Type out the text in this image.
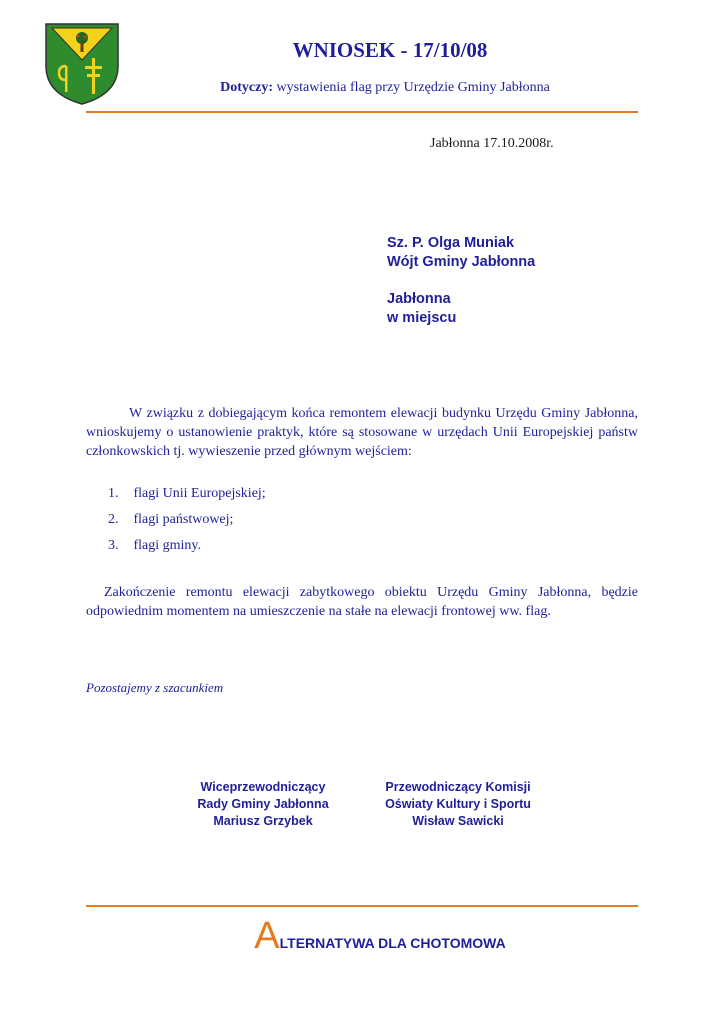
WNIOSEK - 17/10/08
Dotyczy: wystawienia flag przy Urzędzie Gminy Jabłonna
Jabłonna 17.10.2008r.
Sz. P. Olga Muniak
Wójt Gminy Jabłonna
Jabłonna
w miejscu
W związku z dobiegającym końca remontem elewacji budynku Urzędu Gminy Jabłonna, wnioskujemy o ustanowienie praktyk, które są stosowane w urzędach Unii Europejskiej państw członkowskich tj. wywieszenie przed głównym wejściem:
1. flagi Unii Europejskiej;
2. flagi państwowej;
3. flagi gminy.
Zakończenie remontu elewacji zabytkowego obiektu Urzędu Gminy Jabłonna, będzie odpowiednim momentem na umieszczenie na stałe na elewacji frontowej ww. flag.
Pozostajemy z szacunkiem
Wiceprzewodniczący
Rady Gminy Jabłonna
Mariusz Grzybek
Przewodniczący Komisji
Oświaty Kultury i Sportu
Wisław Sawicki
ALTERNATYWA DLA CHOTOMOWA
